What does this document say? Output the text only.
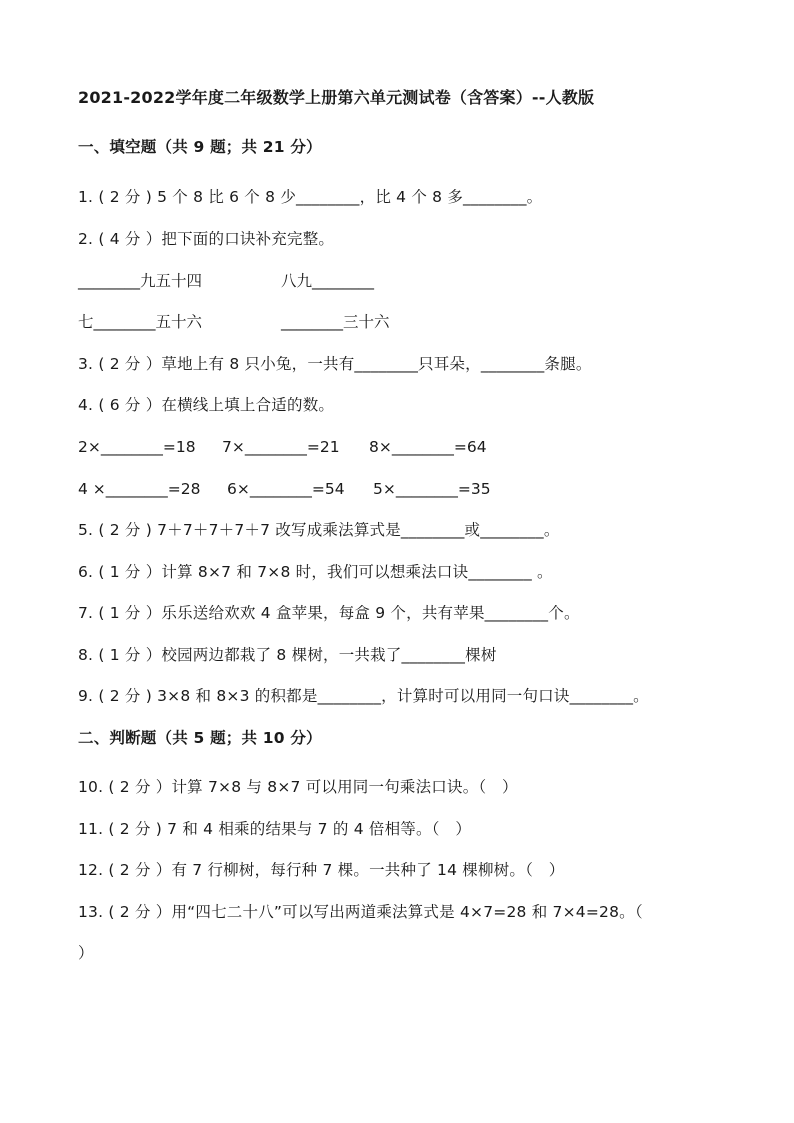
2021-2022学年度二年级数学上册第六单元测试卷（含答案）--人教版
一、填空题（共 9 题；共 21 分）
1. ( 2 分 ) 5 个 8 比 6 个 8 少________，比 4 个 8 多________。
2. ( 4 分 ）把下面的口诀补充完整。
________九五十四	八九________
七________五十六	________三十六
3. ( 2 分 ）草地上有 8 只小兔，一共有________只耳朵，________条腿。
4. ( 6 分 ）在横线上填上合适的数。
2×________=18 7×________=21 8×________=64
4 ×________=28 6×________=54 5×________=35
5. ( 2 分 ) 7＋7＋7＋7＋7 改写成乘法算式是________或________。
6. ( 1 分 ）计算 8×7 和 7×8 时，我们可以想乘法口诀________ 。
7. ( 1 分 ）乐乐送给欢欢 4 盒苹果，每盒 9 个，共有苹果________个。
8. ( 1 分 ）校园两边都栽了 8 棵树，一共栽了________棵树
9. ( 2 分 ) 3×8 和 8×3 的积都是________，计算时可以用同一句口诀________。
二、判断题（共 5 题；共 10 分）
10. ( 2 分 ）计算 7×8 与 8×7 可以用同一句乘法口诀。（　）
11. ( 2 分 ) 7 和 4 相乘的结果与 7 的 4 倍相等。（　）
12. ( 2 分 ）有 7 行柳树，每行种 7 棵。一共种了 14 棵柳树。（　）
13. ( 2 分 ）用“四七二十八”可以写出两道乘法算式是 4×7=28 和 7×4=28。（
）
